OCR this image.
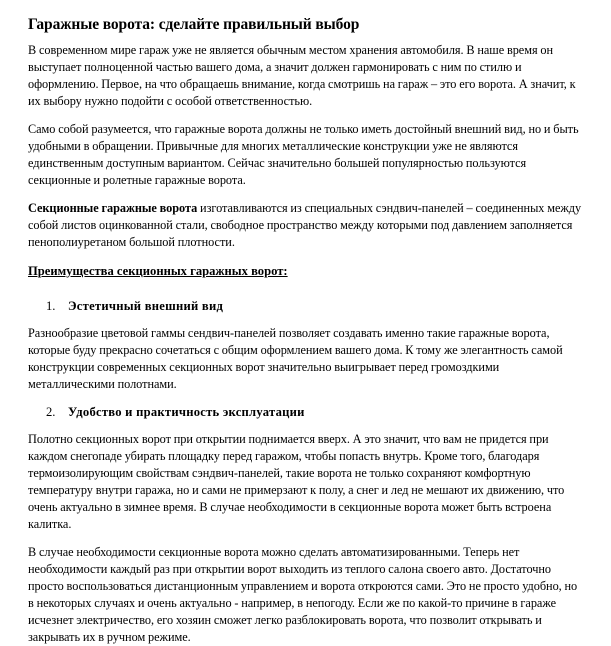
Гаражные ворота: сделайте правильный выбор

В современном мире гараж уже не является обычным местом хранения автомобиля. В наше время он выступает полноценной частью вашего дома, а значит должен гармонировать с ним по стилю и оформлению. Первое, на что обращаешь внимание, когда смотришь на гараж – это его ворота. А значит, к их выбору нужно подойти с особой ответственностью.

Само собой разумеется, что гаражные ворота должны не только иметь достойный внешний вид, но и быть удобными в обращении. Привычные для многих металлические конструкции уже не являются единственным доступным вариантом. Сейчас значительно большей популярностью пользуются секционные и ролетные гаражные ворота.

Секционные гаражные ворота изготавливаются из специальных сэндвич-панелей – соединенных между собой листов оцинкованной стали, свободное пространство между которыми под давлением заполняется пенополиуретаном большой плотности.

Преимущества секционных гаражных ворот:
1. Эстетичный внешний вид

Разнообразие цветовой гаммы сендвич-панелей позволяет создавать именно такие гаражные ворота, которые буду прекрасно сочетаться с общим оформлением вашего дома. К тому же элегантность самой конструкции современных секционных ворот значительно выигрывает перед громоздкими металлическими полотнами.

2. Удобство и практичность эксплуатации

Полотно секционных ворот при открытии поднимается вверх. А это значит, что вам не придется при каждом снегопаде убирать площадку перед гаражом, чтобы попасть внутрь. Кроме того, благодаря термоизолирующим свойствам сэндвич-панелей, такие ворота не только сохраняют комфортную температуру внутри гаража, но и сами не примерзают к полу, а снег и лед не мешают их движению, что очень актуально в зимнее время. В случае необходимости в секционные ворота может быть встроена калитка.

В случае необходимости секционные ворота можно сделать автоматизированными. Теперь нет необходимости каждый раз при открытии ворот выходить из теплого салона своего авто. Достаточно просто воспользоваться дистанционным управлением и ворота откроются сами. Это не просто удобно, но в некоторых случаях и очень актуально - например, в непогоду. Если же по какой-то причине в гараже исчезнет электричество, его хозяин сможет легко разблокировать ворота, что позволит открывать и закрывать их в ручном режиме.
